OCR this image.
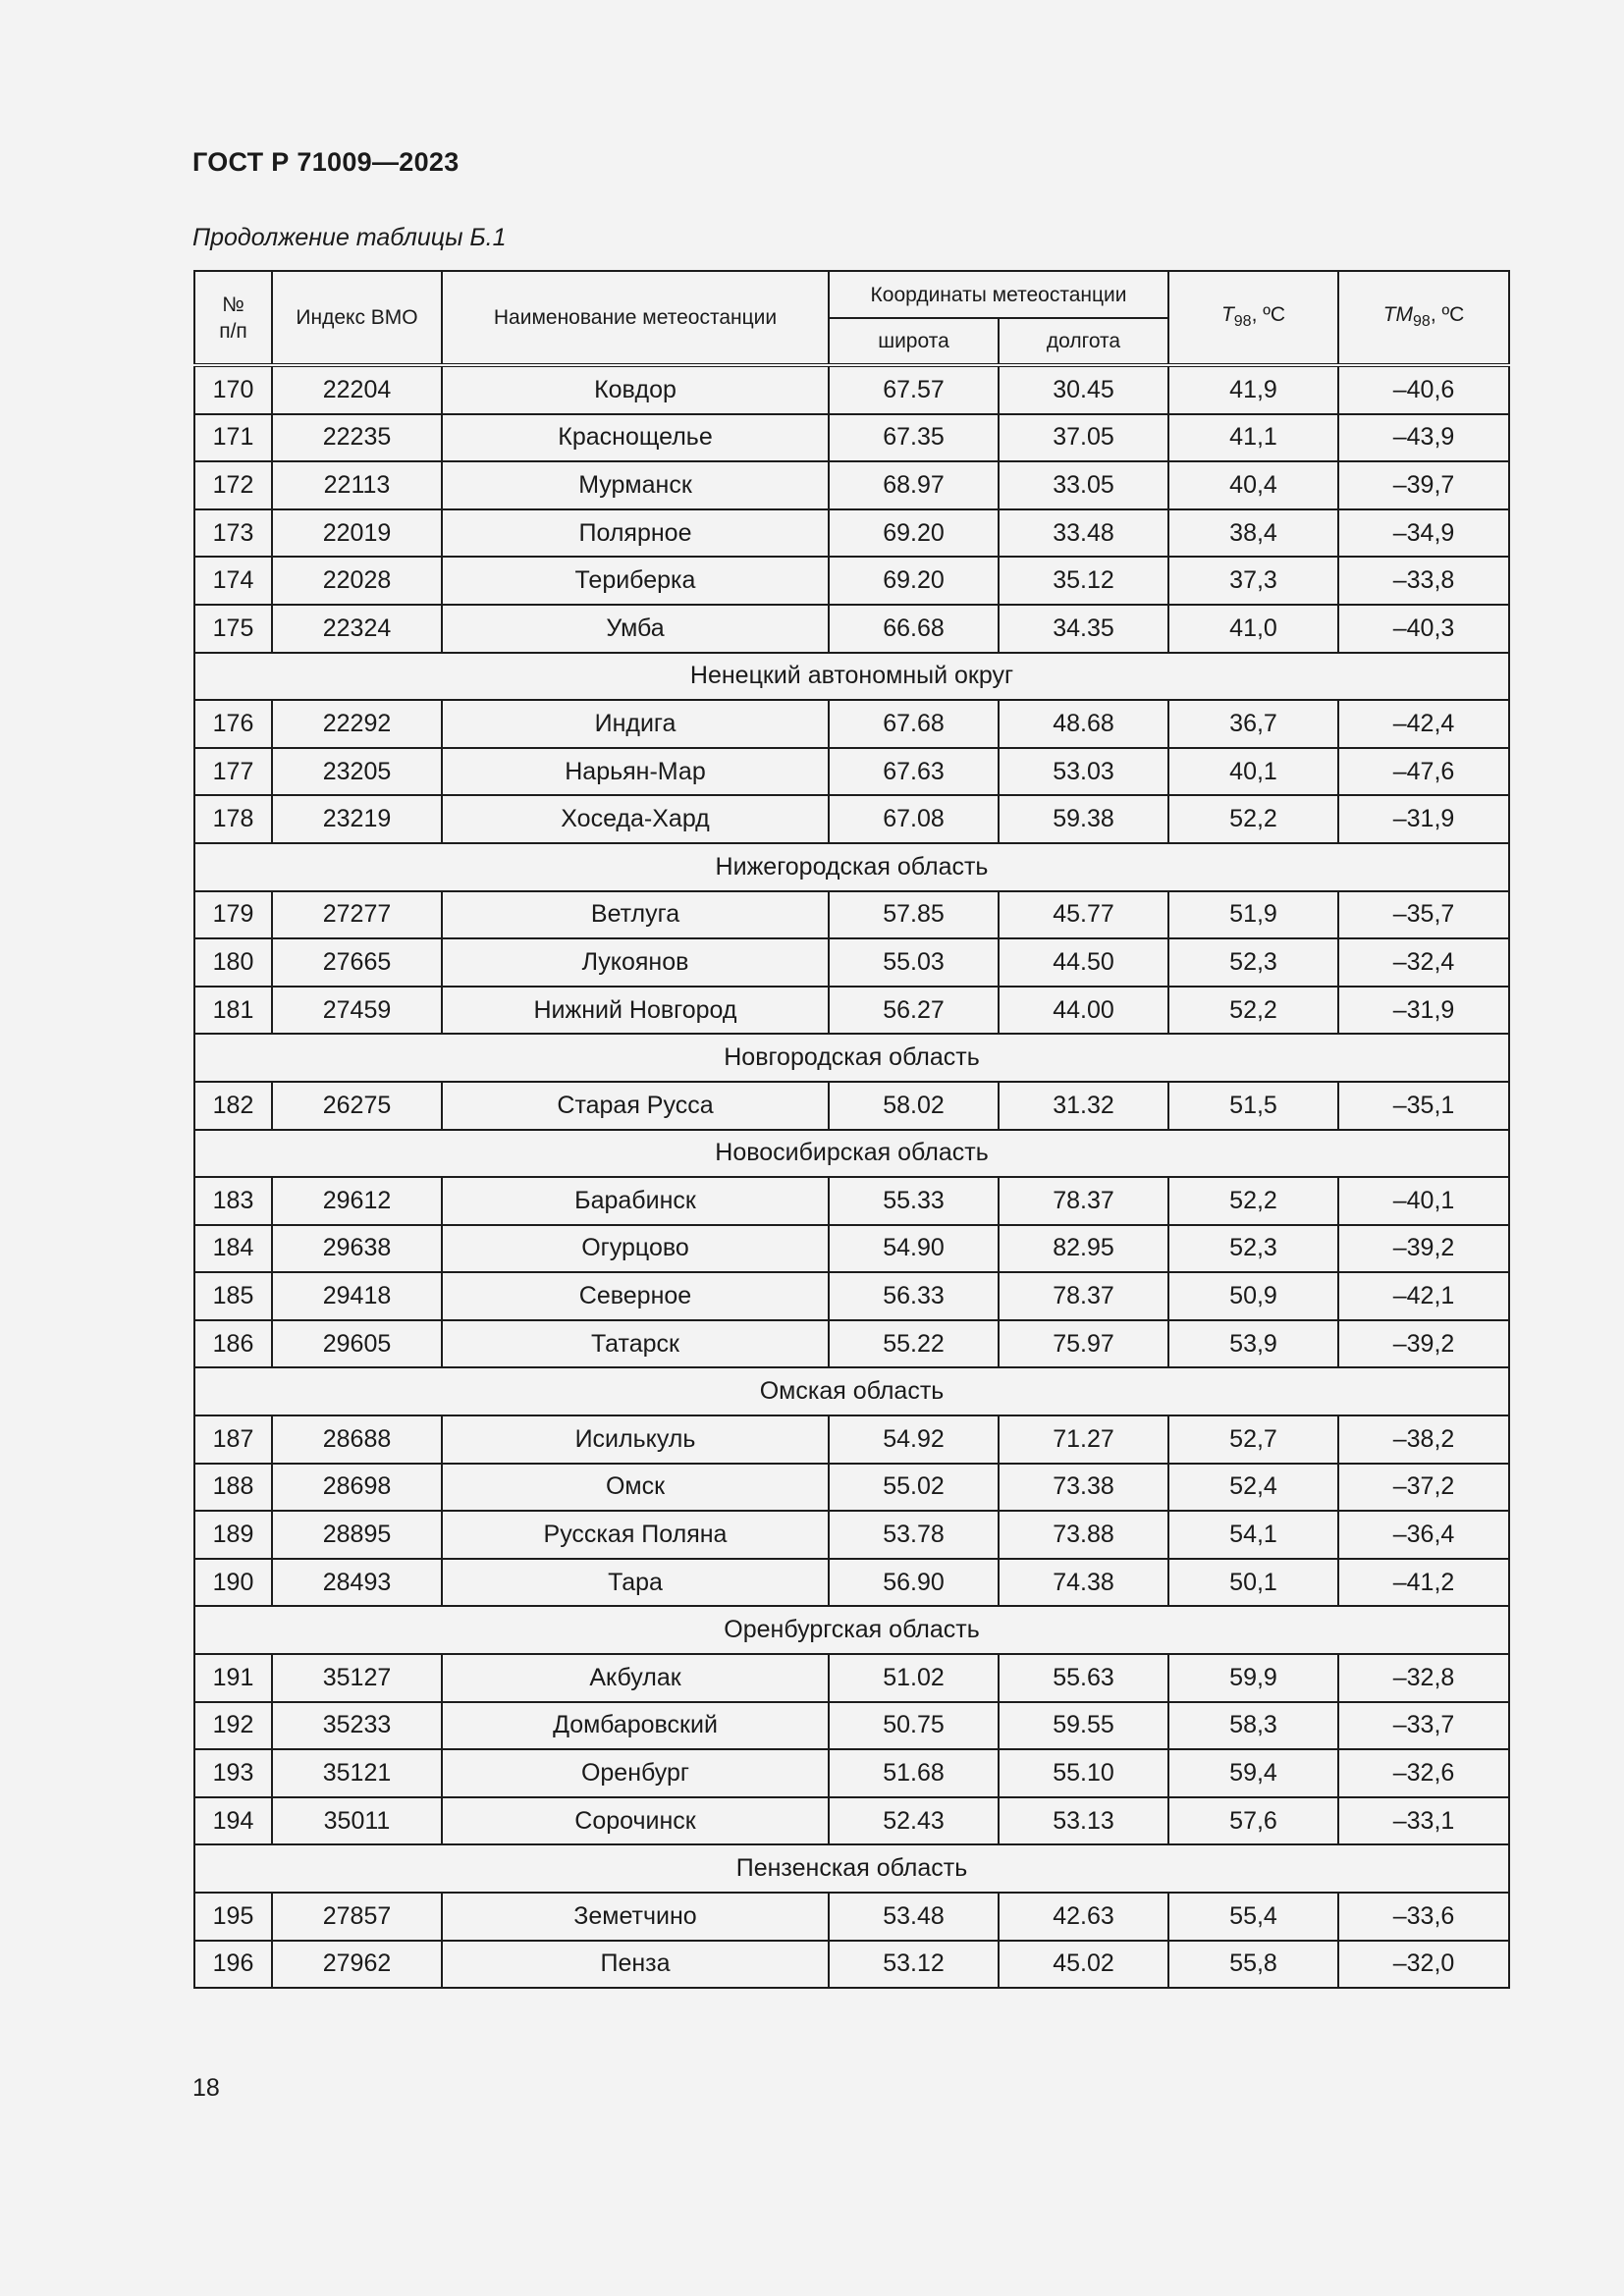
ГОСТ Р 71009—2023
Продолжение таблицы Б.1
№
п/п	Индекс ВМО	Наименование метеостанции	Координаты метеостанции		$T_{98}$, ºС	$TM_{98}$, ºС
			широта	долгота		
170	22204	Ковдор	67.57	30.45	41,9	–40,6
171	22235	Краснощелье	67.35	37.05	41,1	–43,9
172	22113	Мурманск	68.97	33.05	40,4	–39,7
173	22019	Полярное	69.20	33.48	38,4	–34,9
174	22028	Териберка	69.20	35.12	37,3	–33,8
175	22324	Умба	66.68	34.35	41,0	–40,3
Ненецкий автономный округ						
176	22292	Индига	67.68	48.68	36,7	–42,4
177	23205	Нарьян-Мар	67.63	53.03	40,1	–47,6
178	23219	Хоседа-Хард	67.08	59.38	52,2	–31,9
Нижегородская область						
179	27277	Ветлуга	57.85	45.77	51,9	–35,7
180	27665	Лукоянов	55.03	44.50	52,3	–32,4
181	27459	Нижний Новгород	56.27	44.00	52,2	–31,9
Новгородская область						
182	26275	Старая Русса	58.02	31.32	51,5	–35,1
Новосибирская область						
183	29612	Барабинск	55.33	78.37	52,2	–40,1
184	29638	Огурцово	54.90	82.95	52,3	–39,2
185	29418	Северное	56.33	78.37	50,9	–42,1
186	29605	Татарск	55.22	75.97	53,9	–39,2
Омская область						
187	28688	Исилькуль	54.92	71.27	52,7	–38,2
188	28698	Омск	55.02	73.38	52,4	–37,2
189	28895	Русская Поляна	53.78	73.88	54,1	–36,4
190	28493	Тара	56.90	74.38	50,1	–41,2
Оренбургская область						
191	35127	Акбулак	51.02	55.63	59,9	–32,8
192	35233	Домбаровский	50.75	59.55	58,3	–33,7
193	35121	Оренбург	51.68	55.10	59,4	–32,6
194	35011	Сорочинск	52.43	53.13	57,6	–33,1
Пензенская область						
195	27857	Земетчино	53.48	42.63	55,4	–33,6
196	27962	Пенза	53.12	45.02	55,8	–32,0
18
